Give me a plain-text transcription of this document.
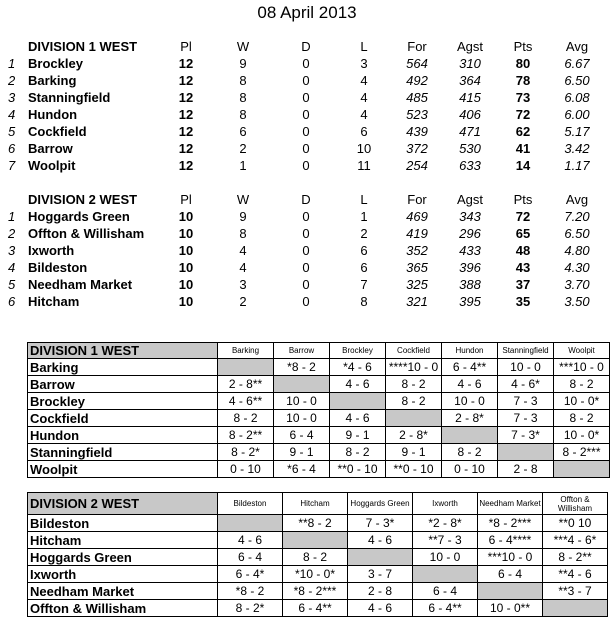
08 April 2013
	DIVISION 1 WEST	Pl	W	D	L	For	Agst	Pts	Avg
1	Brockley	12	9	0	3	564	310	80	6.67
2	Barking	12	8	0	4	492	364	78	6.50
3	Stanningfield	12	8	0	4	485	415	73	6.08
4	Hundon	12	8	0	4	523	406	72	6.00
5	Cockfield	12	6	0	6	439	471	62	5.17
6	Barrow	12	2	0	10	372	530	41	3.42
7	Woolpit	12	1	0	11	254	633	14	1.17
	DIVISION 2 WEST	Pl	W	D	L	For	Agst	Pts	Avg
1	Hoggards Green	10	9	0	1	469	343	72	7.20
2	Offton & Willisham	10	8	0	2	419	296	65	6.50
3	Ixworth	10	4	0	6	352	433	48	4.80
4	Bildeston	10	4	0	6	365	396	43	4.30
5	Needham Market	10	3	0	7	325	388	37	3.70
6	Hitcham	10	2	0	8	321	395	35	3.50
DIVISION 1 WEST	Barking	Barrow	Brockley	Cockfield	Hundon	Stanningfield	Woolpit
Barking		*8 - 2	*4 - 6	****10 - 0	6 - 4**	10 - 0	***10 - 0
Barrow	2 - 8**		4 - 6	8 - 2	4 - 6	4 - 6*	8 - 2
Brockley	4 - 6**	10 - 0		8 - 2	10 - 0	7 - 3	10 - 0*
Cockfield	8 - 2	10 - 0	4 - 6		2 - 8*	7 - 3	8 - 2
Hundon	8 - 2**	6 - 4	9 - 1	2 - 8*		7 - 3*	10 - 0*
Stanningfield	8 - 2*	9 - 1	8 - 2	9 - 1	8 - 2		8 - 2***
Woolpit	0 - 10	*6 - 4	**0 - 10	**0 - 10	0 - 10	2 - 8	
DIVISION 2 WEST	Bildeston	Hitcham	Hoggards Green	Ixworth	Needham Market	Offton & Willisham
Bildeston		**8 - 2	7 - 3*	*2 - 8*	*8 - 2***	**0 10
Hitcham	4 - 6		4 - 6	**7 - 3	6 - 4****	***4 - 6*
Hoggards Green	6 - 4	8 - 2		10 - 0	***10 - 0	8 - 2**
Ixworth	6 - 4*	*10 - 0*	3 - 7		6 - 4	**4 - 6
Needham Market	*8 - 2	*8 - 2***	2 - 8	6 - 4		**3 - 7
Offton & Willisham	8 - 2*	6 - 4**	4 - 6	6 - 4**	10 - 0**	
